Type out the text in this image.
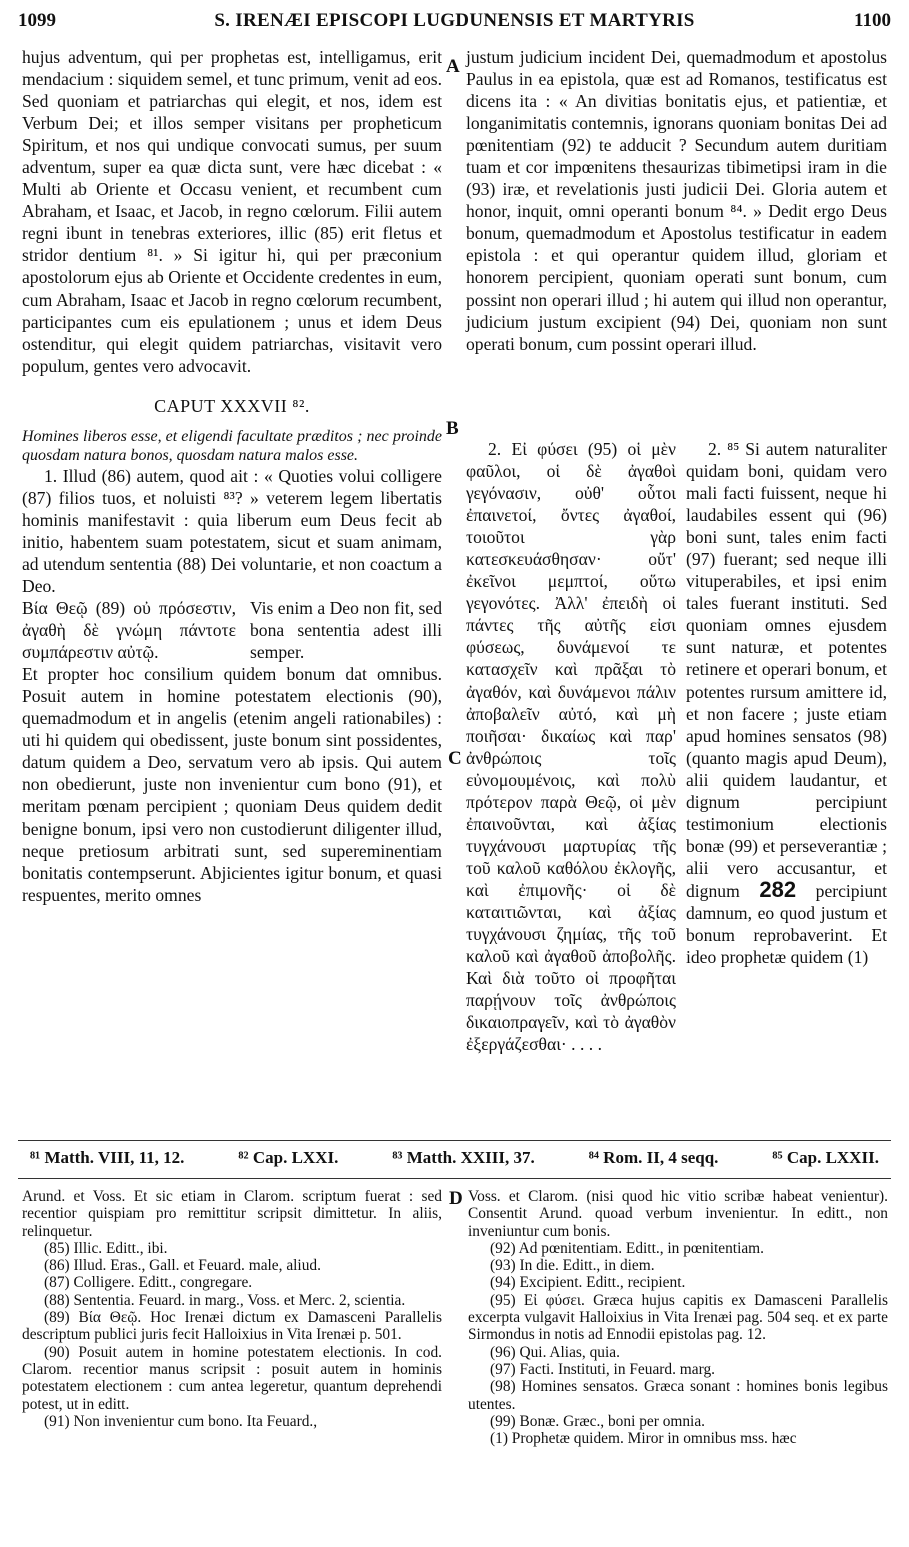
1099	S. IRENÆI EPISCOPI LUGDUNENSIS ET MARTYRIS	1100
A
B
C
D

hujus adventum, qui per prophetas est, intelligamus, erit mendacium : siquidem semel, et tunc primum, venit ad eos. Sed quoniam et patriarchas qui elegit, et nos, idem est Verbum Dei; et illos semper visitans per propheticum Spiritum, et nos qui undique convocati sumus, per suum adventum, super ea quæ dicta sunt, vere hæc dicebat : « Multi ab Oriente et Occasu venient, et recumbent cum Abraham, et Isaac, et Jacob, in regno cœlorum. Filii autem regni ibunt in tenebras exteriores, illic (85) erit fletus et stridor dentium ⁸¹. » Si igitur hi, qui per præconium apostolorum ejus ab Oriente et Occidente credentes in eum, cum Abraham, Isaac et Jacob in regno cœlorum recumbent, participantes cum eis epulationem ; unus et idem Deus ostenditur, qui elegit quidem patriarchas, visitavit vero populum, gentes vero advocavit.

CAPUT XXXVII ⁸².

Homines liberos esse, et eligendi facultate præditos ; nec proinde quosdam natura bonos, quosdam natura malos esse.

1. Illud (86) autem, quod ait : « Quoties volui colligere (87) filios tuos, et noluisti ⁸³? » veterem legem libertatis hominis manifestavit : quia liberum eum Deus fecit ab initio, habentem suam potestatem, sicut et suam animam, ad utendum sententia (88) Dei voluntarie, et non coactum a Deo.

Βία Θεῷ (89) οὐ πρόσεστιν, ἀγαθὴ δὲ γνώμη πάντοτε συμπάρεστιν αὐτῷ.

Vis enim a Deo non fit, sed bona sententia adest illi semper.

Et propter hoc consilium quidem bonum dat omnibus. Posuit autem in homine potestatem electionis (90), quemadmodum et in angelis (etenim angeli rationabiles) : uti hi quidem qui obedissent, juste bonum sint possidentes, datum quidem a Deo, servatum vero ab ipsis. Qui autem non obedierunt, juste non invenientur cum bono (91), et meritam pœnam percipient ; quoniam Deus quidem dedit benigne bonum, ipsi vero non custodierunt diligenter illud, neque pretiosum arbitrati sunt, sed supereminentiam bonitatis contempserunt. Abjicientes igitur bonum, et quasi respuentes, merito omnes

justum judicium incident Dei, quemadmodum et apostolus Paulus in ea epistola, quæ est ad Romanos, testificatus est dicens ita : « An divitias bonitatis ejus, et patientiæ, et longanimitatis contemnis, ignorans quoniam bonitas Dei ad pœnitentiam (92) te adducit ? Secundum autem duritiam tuam et cor impœnitens thesaurizas tibimetipsi iram in die (93) iræ, et revelationis justi judicii Dei. Gloria autem et honor, inquit, omni operanti bonum ⁸⁴. » Dedit ergo Deus bonum, quemadmodum et Apostolus testificatur in eadem epistola : et qui operantur quidem illud, gloriam et honorem percipient, quoniam operati sunt bonum, cum possint non operari illud ; hi autem qui illud non operantur, judicium justum excipient (94) Dei, quoniam non sunt operati bonum, cum possint operari illud.

2. Εἰ φύσει (95) οἱ μὲν φαῦλοι, οἱ δὲ ἀγαθοὶ γεγόνασιν, οὐθ' οὗτοι ἐπαινετοί, ὄντες ἀγαθοί, τοιοῦτοι γὰρ κατεσκευάσθησαν· οὔτ' ἐκεῖνοι μεμπτοί, οὕτω γεγονότες. Ἀλλ' ἐπειδὴ οἱ πάντες τῆς αὐτῆς εἰσι φύσεως, δυνάμενοί τε κατασχεῖν καὶ πρᾶξαι τὸ ἀγαθόν, καὶ δυνάμενοι πάλιν ἀποβαλεῖν αὐτό, καὶ μὴ ποιῆσαι· δικαίως καὶ παρ' ἀνθρώποις τοῖς εὐνομουμένοις, καὶ πολὺ πρότερον παρὰ Θεῷ, οἱ μὲν ἐπαινοῦνται, καὶ ἀξίας τυγχάνουσι μαρτυρίας τῆς τοῦ καλοῦ καθόλου ἐκλογῆς, καὶ ἐπιμονῆς· οἱ δὲ καταιτιῶνται, καὶ ἀξίας τυγχάνουσι ζημίας, τῆς τοῦ καλοῦ καὶ ἀγαθοῦ ἀποβολῆς. Καὶ διὰ τοῦτο οἱ προφῆται παρῄνουν τοῖς ἀνθρώποις δικαιοπραγεῖν, καὶ τὸ ἀγαθὸν ἐξεργάζεσθαι· . . . .

2. ⁸⁵ Si autem naturaliter quidam boni, quidam vero mali facti fuissent, neque hi laudabiles essent qui (96) boni sunt, tales enim facti (97) fuerant; sed neque illi vituperabiles, et ipsi enim tales fuerant instituti. Sed quoniam omnes ejusdem sunt naturæ, et potentes retinere et operari bonum, et potentes rursum amittere id, et non facere ; juste etiam apud homines sensatos (98) (quanto magis apud Deum), alii quidem laudantur, et dignum percipiunt testimonium electionis bonæ (99) et perseverantiæ ; alii vero accusantur, et dignum 282 percipiunt damnum, eo quod justum et bonum reprobaverint. Et ideo prophetæ quidem (1)

⁸¹ Matth. VIII, 11, 12.	⁸² Cap. LXXI.	⁸³ Matth. XXIII, 37.	⁸⁴ Rom. II, 4 seqq.	⁸⁵ Cap. LXXII.

Arund. et Voss. Et sic etiam in Clarom. scriptum fuerat : sed recentior quispiam pro remittitur scripsit dimittetur. In aliis, relinquetur.

(85) Illic. Editt., ibi.

(86) Illud. Eras., Gall. et Feuard. male, aliud.

(87) Colligere. Editt., congregare.

(88) Sententia. Feuard. in marg., Voss. et Merc. 2, scientia.

(89) Βία Θεῷ. Hoc Irenæi dictum ex Damasceni Parallelis descriptum publici juris fecit Halloixius in Vita Irenæi p. 501.

(90) Posuit autem in homine potestatem electionis. In cod. Clarom. recentior manus scripsit : posuit autem in hominis potestatem electionem : cum antea legeretur, quantum deprehendi potest, ut in editt.

(91) Non invenientur cum bono. Ita Feuard.,

Voss. et Clarom. (nisi quod hic vitio scribæ habeat venientur). Consentit Arund. quoad verbum invenientur. In editt., non inveniuntur cum bonis.

(92) Ad pœnitentiam. Editt., in pœnitentiam.

(93) In die. Editt., in diem.

(94) Excipient. Editt., recipient.

(95) Εἰ φύσει. Græca hujus capitis ex Damasceni Parallelis excerpta vulgavit Halloixius in Vita Irenæi pag. 504 seq. et ex parte Sirmondus in notis ad Ennodii epistolas pag. 12.

(96) Qui. Alias, quia.

(97) Facti. Instituti, in Feuard. marg.

(98) Homines sensatos. Græca sonant : homines bonis legibus utentes.

(99) Bonæ. Græc., boni per omnia.

(1) Prophetæ quidem. Miror in omnibus mss. hæc
